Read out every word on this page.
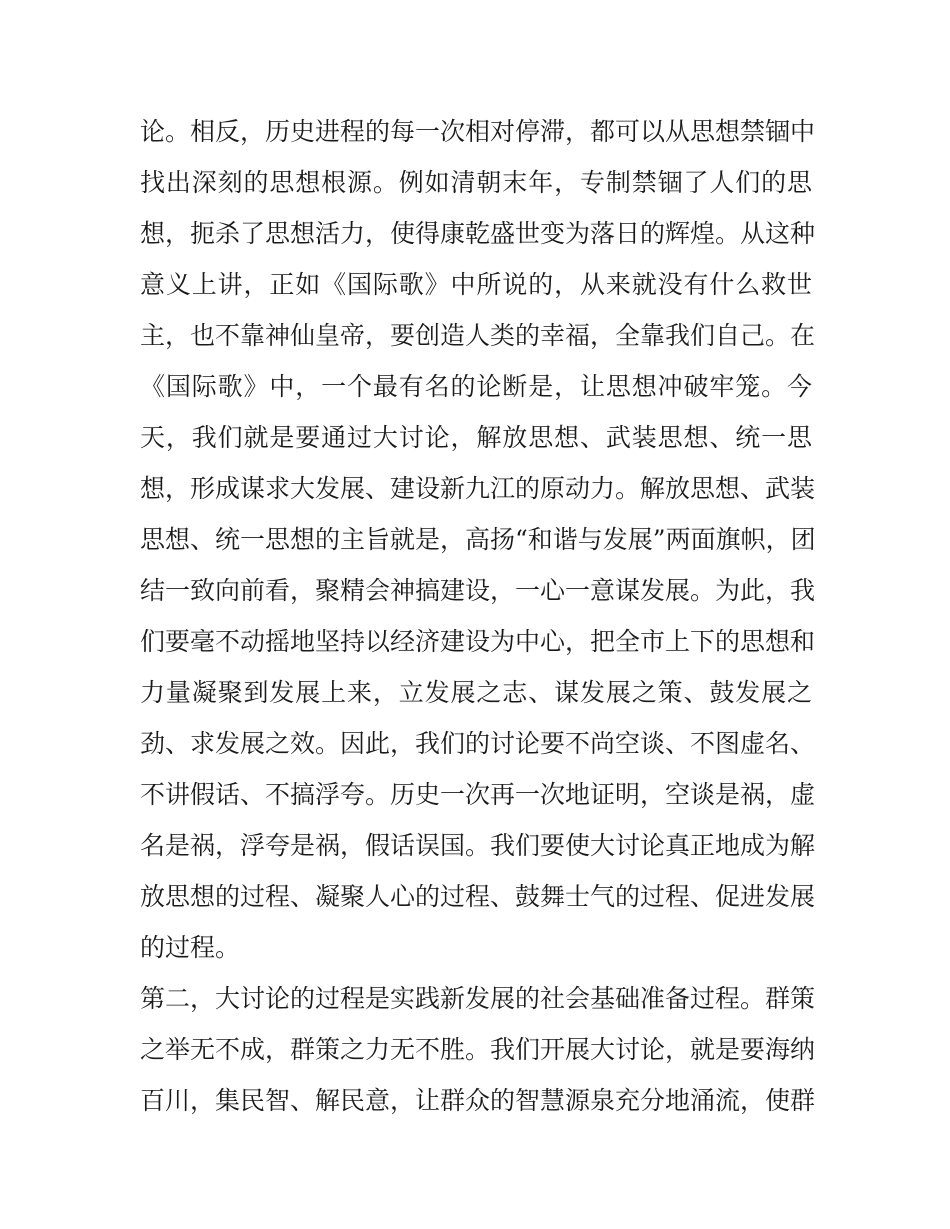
论。相反，历史进程的每一次相对停滞，都可以从思想禁锢中
找出深刻的思想根源。例如清朝末年，专制禁锢了人们的思
想，扼杀了思想活力，使得康乾盛世变为落日的辉煌。从这种
意义上讲，正如《国际歌》中所说的，从来就没有什么救世
主，也不靠神仙皇帝，要创造人类的幸福，全靠我们自己。在
《国际歌》中，一个最有名的论断是，让思想冲破牢笼。今
天，我们就是要通过大讨论，解放思想、武装思想、统一思
想，形成谋求大发展、建设新九江的原动力。解放思想、武装
思想、统一思想的主旨就是，高扬“和谐与发展”两面旗帜，团
结一致向前看，聚精会神搞建设，一心一意谋发展。为此，我
们要毫不动摇地坚持以经济建设为中心，把全市上下的思想和
力量凝聚到发展上来，立发展之志、谋发展之策、鼓发展之
劲、求发展之效。因此，我们的讨论要不尚空谈、不图虚名、
不讲假话、不搞浮夸。历史一次再一次地证明，空谈是祸，虚
名是祸，浮夸是祸，假话误国。我们要使大讨论真正地成为解
放思想的过程、凝聚人心的过程、鼓舞士气的过程、促进发展
的过程。
第二，大讨论的过程是实践新发展的社会基础准备过程。群策
之举无不成，群策之力无不胜。我们开展大讨论，就是要海纳
百川，集民智、解民意，让群众的智慧源泉充分地涌流，使群
